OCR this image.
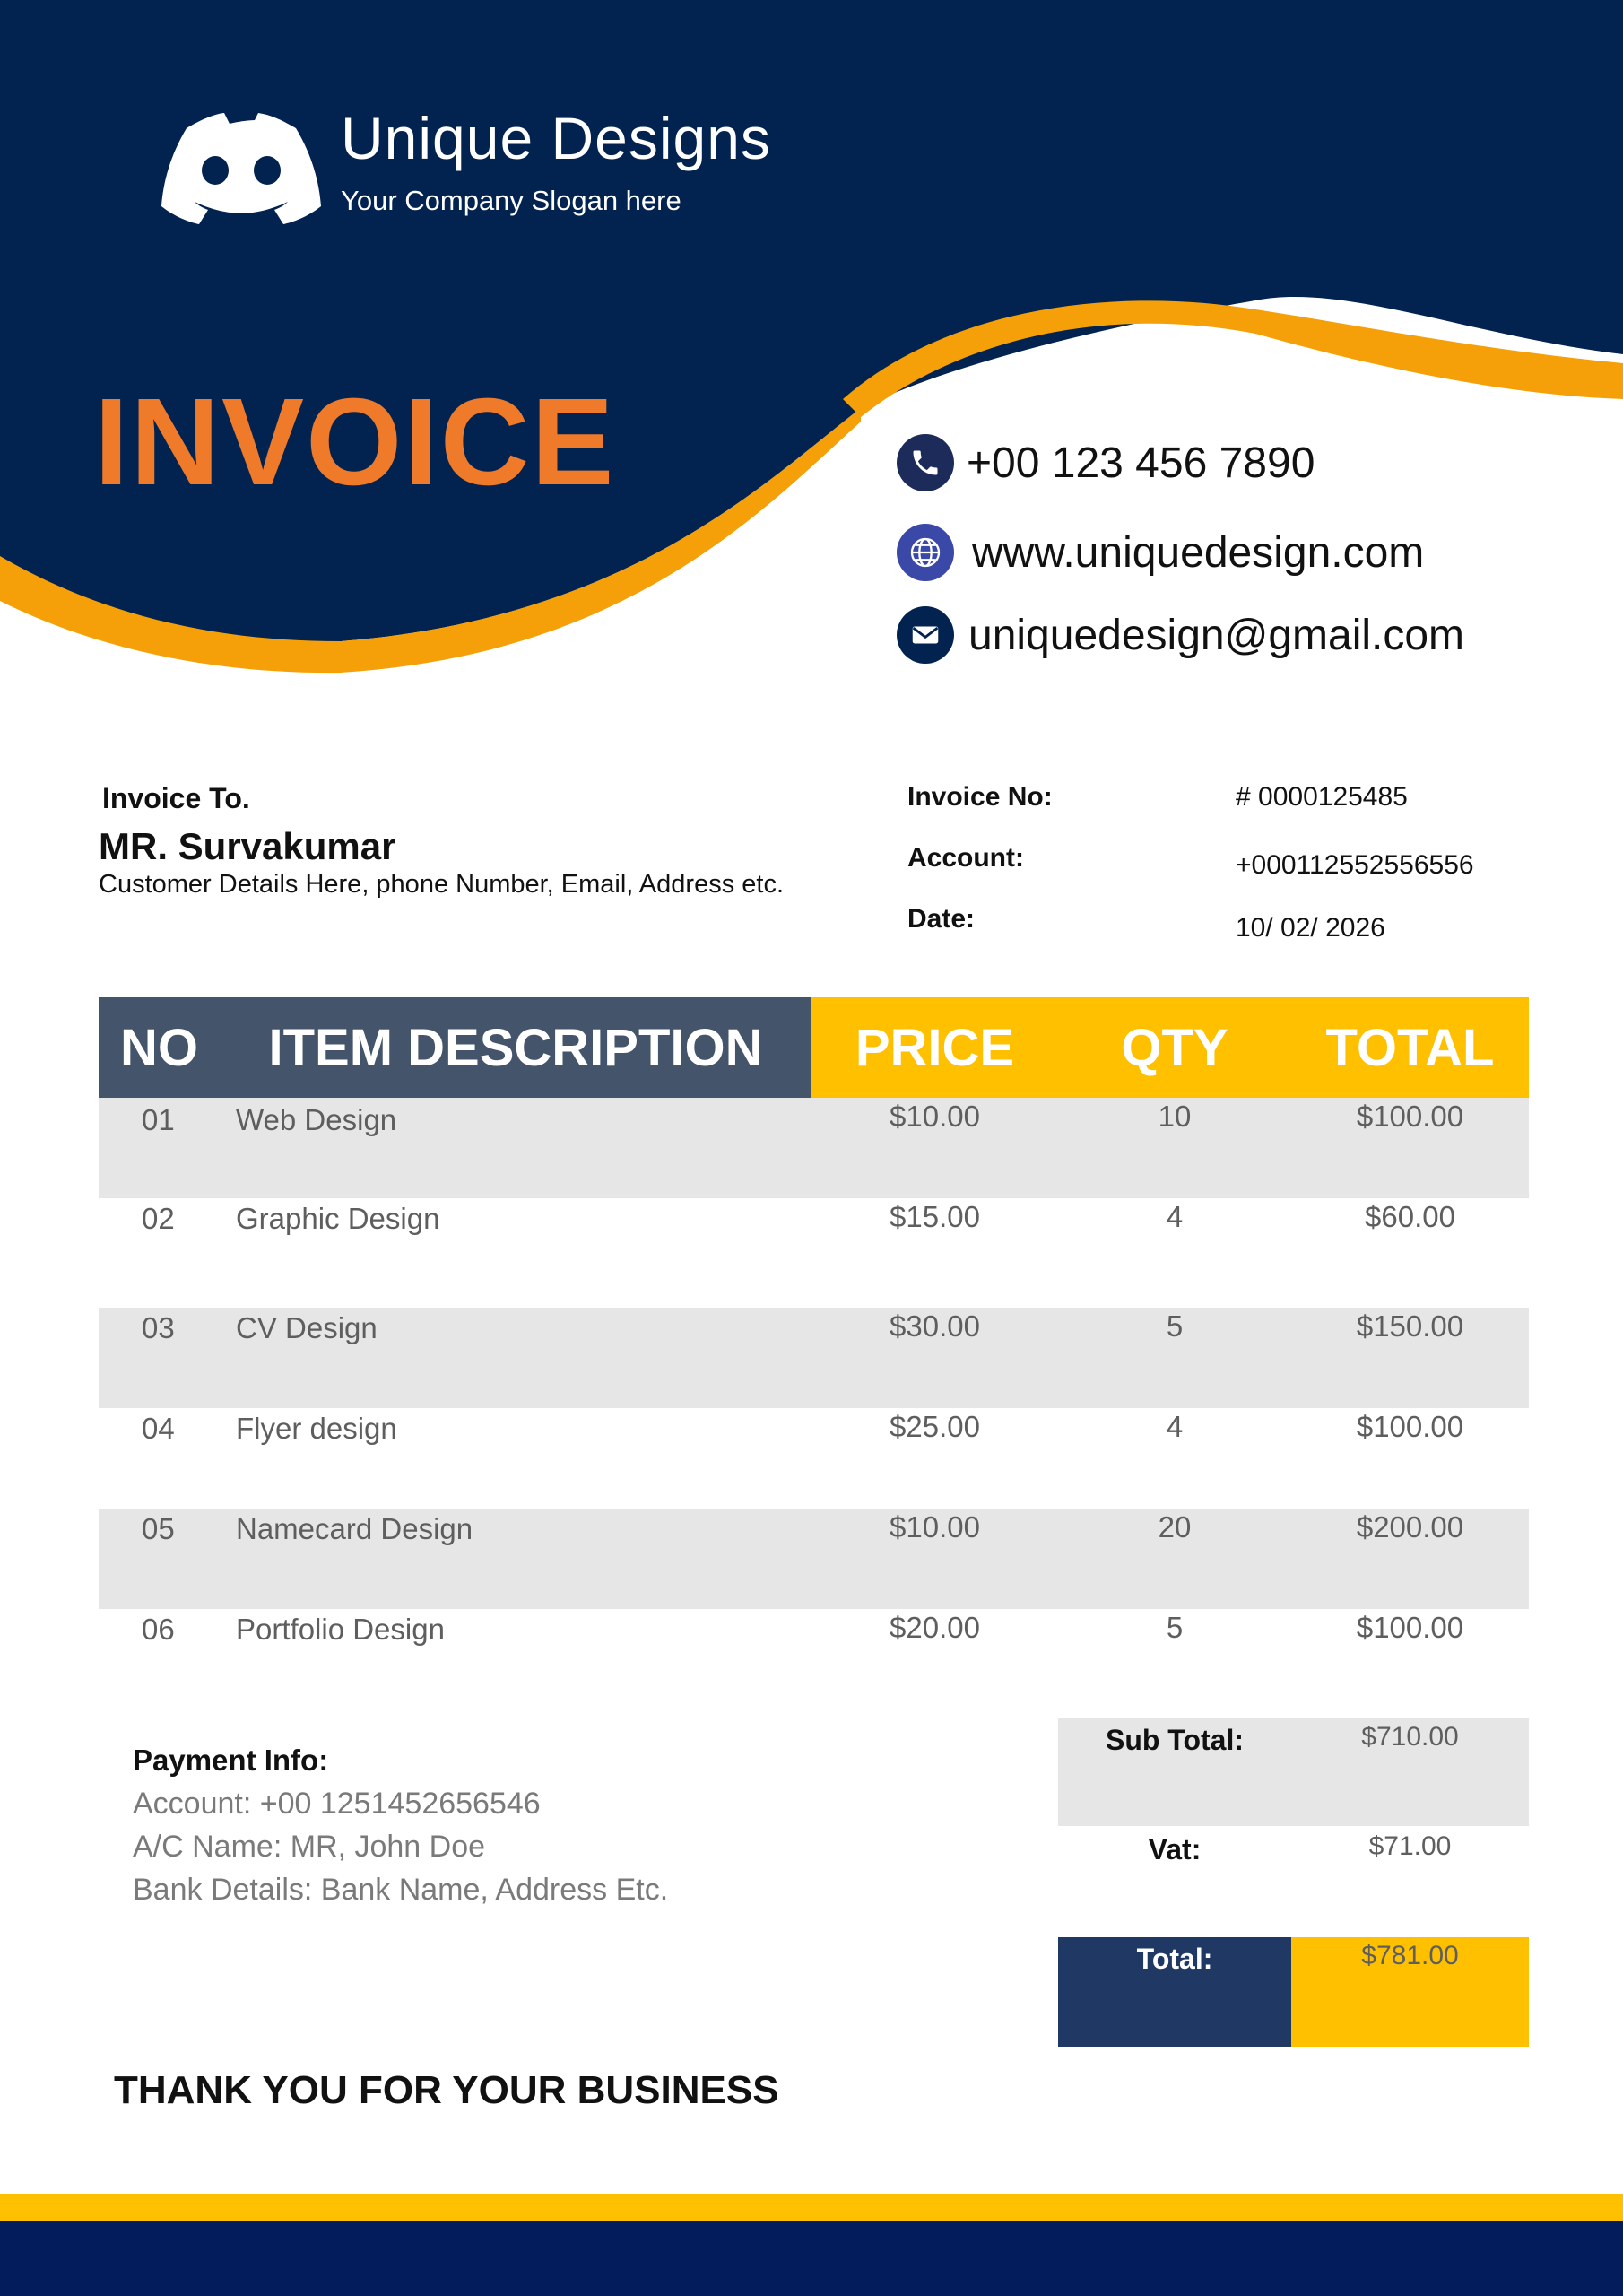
Unique Designs
Your Company Slogan here
INVOICE	+00 123 456 7890
www.uniquedesign.com
uniquedesign@gmail.com
Invoice To.
MR. Survakumar
Customer Details Here, phone Number, Email, Address etc.
Invoice No:	# 0000125485
Account:	+000112552556556
Date:	10/ 02/ 2026
NO	ITEM DESCRIPTION	PRICE	QTY	TOTAL
01 Web Design	$10.00	10	$100.00
02 Graphic Design	$15.00	4	$60.00
03 CV Design	$30.00	5	$150.00
04 Flyer design	$25.00	4	$100.00
05 Namecard Design	$10.00	20	$200.00
06 Portfolio Design	$20.00	5	$100.00
Payment Info:
Account: +00 1251452656546
A/C Name: MR, John Doe
Bank Details: Bank Name, Address Etc.
Sub Total:	$710.00
Vat:	$71.00
Total:	$781.00
THANK YOU FOR YOUR BUSINESS
